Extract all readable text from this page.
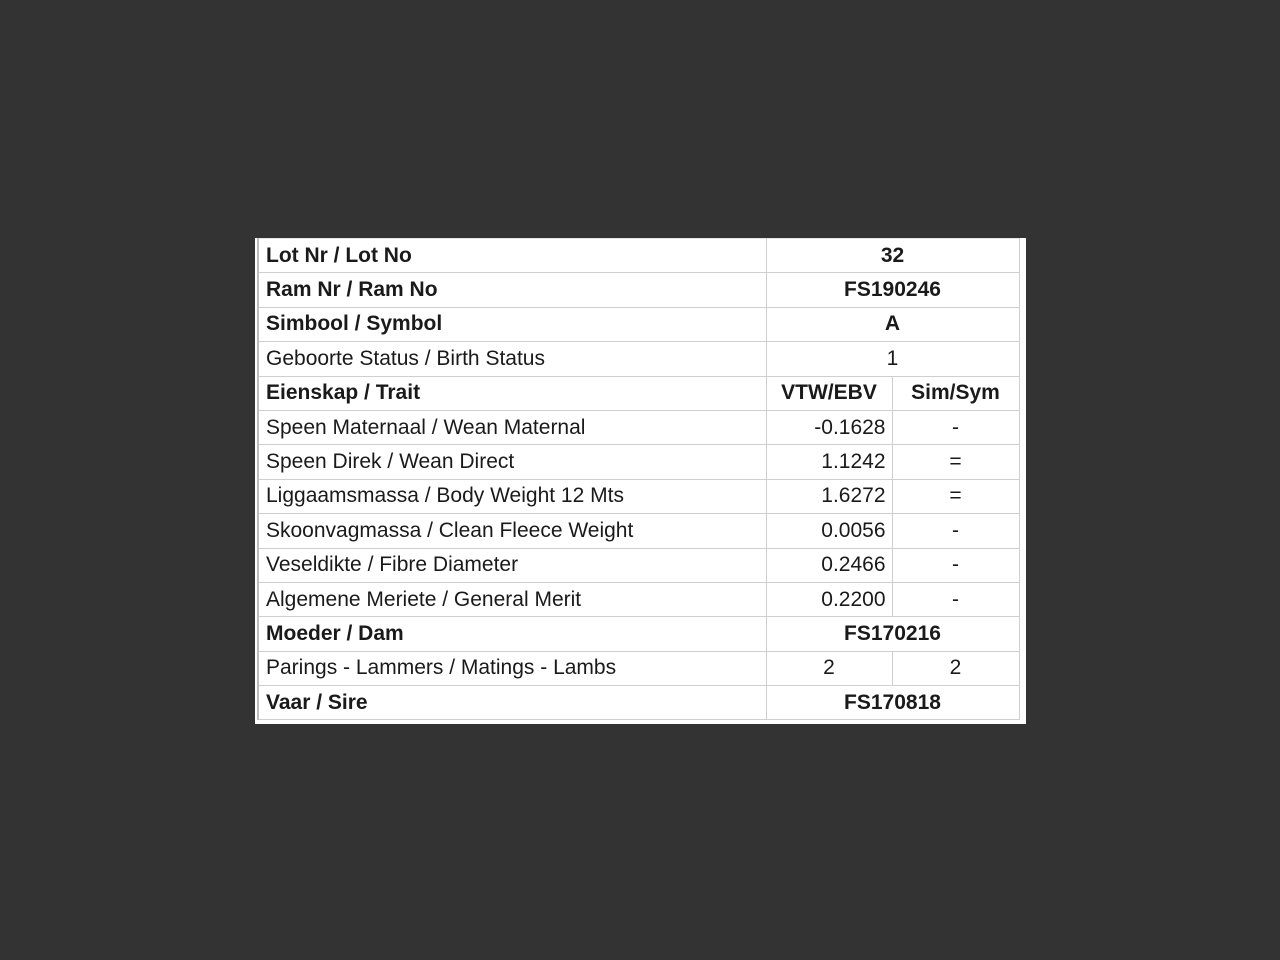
Lot Nr / Lot No	32	
Ram Nr / Ram No	FS190246	
Simbool / Symbol	A	
Geboorte Status / Birth Status	1	
Eienskap / Trait	VTW/EBV	Sim/Sym
Speen Maternaal / Wean Maternal	-0.1628	-
Speen Direk / Wean Direct	1.1242	=
Liggaamsmassa / Body Weight 12 Mts	1.6272	=
Skoonvagmassa / Clean Fleece Weight	0.0056	-
Veseldikte / Fibre Diameter	0.2466	-
Algemene Meriete / General Merit	0.2200	-
Moeder / Dam	FS170216	
Parings - Lammers / Matings - Lambs	2	2
Vaar / Sire	FS170818	
